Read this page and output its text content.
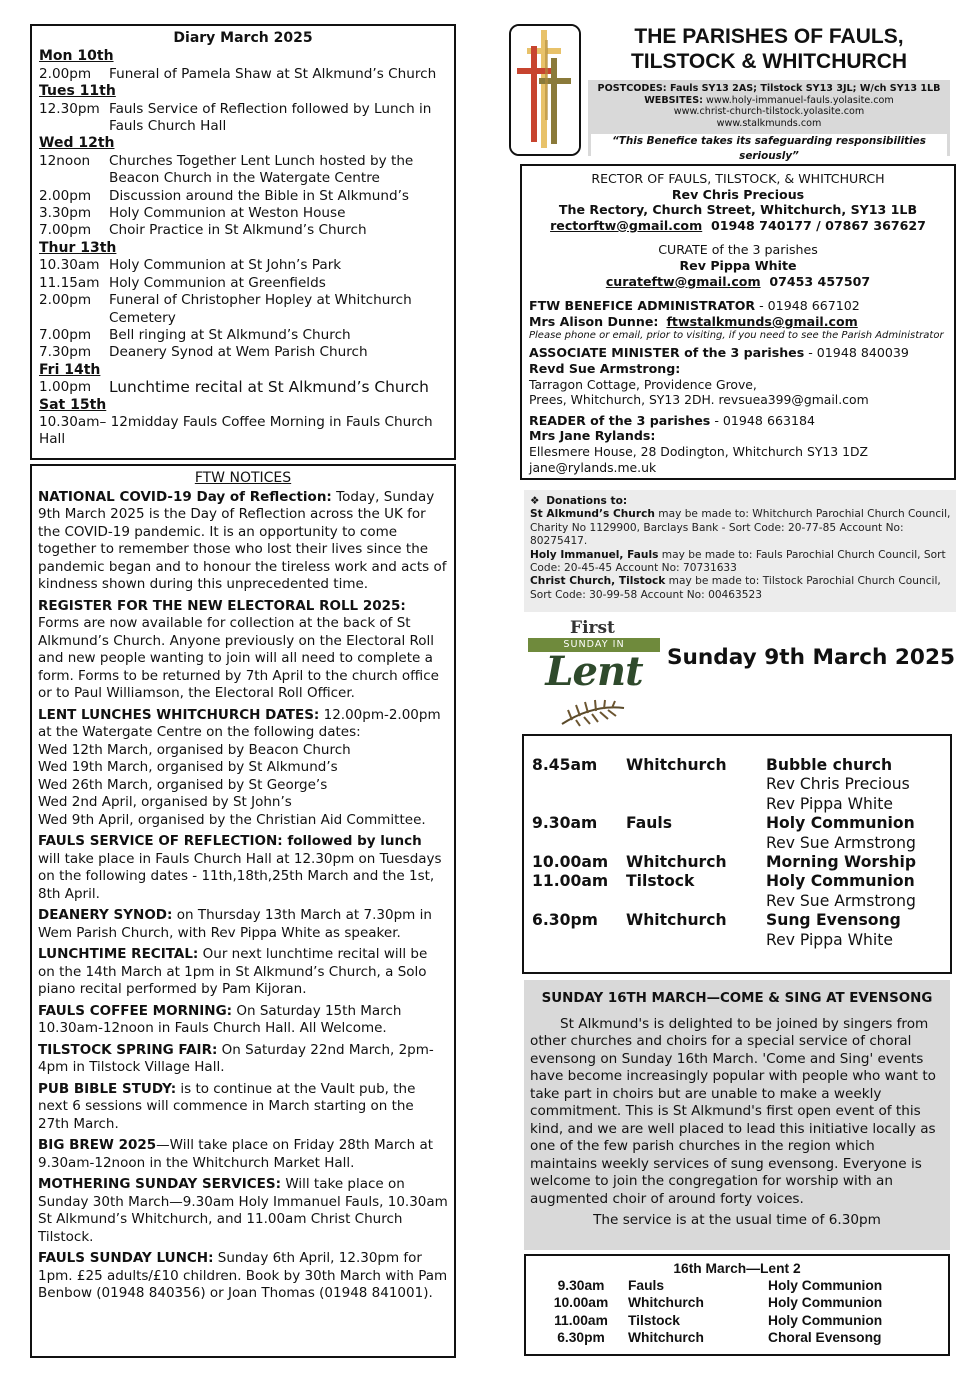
Diary March 2025
Mon 10th
2.00pm	Funeral of Pamela Shaw at St Alkmund’s Church
Tues 11th
12.30pm Fauls Service of Reflection followed by Lunch in Fauls Church Hall
Wed 12th
12noon	Churches Together Lent Lunch hosted by the Beacon Church in the Watergate Centre
2.00pm	Discussion around the Bible in St Alkmund’s
3.30pm	Holy Communion at Weston House
7.00pm	Choir Practice in St Alkmund’s Church
Thur 13th
10.30am Holy Communion at St John’s Park
11.15am Holy Communion at Greenfields
2.00pm	Funeral of Christopher Hopley at Whitchurch Cemetery
7.00pm	Bell ringing at St Alkmund’s Church
7.30pm	Deanery Synod at Wem Parish Church
Fri 14th
1.00pm	Lunchtime recital at St Alkmund’s Church
Sat 15th
10.30am– 12midday Fauls Coffee Morning in Fauls Church Hall
FTW NOTICES
NATIONAL COVID-19 Day of Reflection: Today, Sunday 9th March 2025 is the Day of Reflection across the UK for the COVID-19 pandemic. It is an opportunity to come together to remember those who lost their lives since the pandemic began and to honour the tireless work and acts of kindness shown during this unprecedented time.
REGISTER FOR THE NEW ELECTORAL ROLL 2025: Forms are now available for collection at the back of St Alkmund’s Church. Anyone previously on the Electoral Roll and new people wanting to join will all need to complete a form. Forms to be returned by 7th April to the church office or to Paul Williamson, the Electoral Roll Officer.
LENT LUNCHES WHITCHURCH DATES: 12.00pm-2.00pm at the Watergate Centre on the following dates:
Wed 12th March, organised by Beacon Church
Wed 19th March, organised by St Alkmund’s
Wed 26th March, organised by St George’s
Wed 2nd April, organised by St John’s
Wed 9th April, organised by the Christian Aid Committee.
FAULS SERVICE OF REFLECTION: followed by lunch will take place in Fauls Church Hall at 12.30pm on Tuesdays on the following dates - 11th,18th,25th March and the 1st, 8th April.
DEANERY SYNOD: on Thursday 13th March at 7.30pm in Wem Parish Church, with Rev Pippa White as speaker.
LUNCHTIME RECITAL: Our next lunchtime recital will be on the 14th March at 1pm in St Alkmund’s Church, a Solo piano recital performed by Pam Kijoran.
FAULS COFFEE MORNING: On Saturday 15th March 10.30am-12noon in Fauls Church Hall. All Welcome.
TILSTOCK SPRING FAIR: On Saturday 22nd March, 2pm-4pm in Tilstock Village Hall.
PUB BIBLE STUDY: is to continue at the Vault pub, the next 6 sessions will commence in March starting on the 27th March.
BIG BREW 2025—Will take place on Friday 28th March at 9.30am-12noon in the Whitchurch Market Hall.
MOTHERING SUNDAY SERVICES: Will take place on Sunday 30th March—9.30am Holy Immanuel Fauls, 10.30am St Alkmund’s Whitchurch, and 11.00am Christ Church Tilstock.
FAULS SUNDAY LUNCH: Sunday 6th April, 12.30pm for 1pm. £25 adults/£10 children. Book by 30th March with Pam Benbow (01948 840356) or Joan Thomas (01948 841001).
THE PARISHES OF FAULS,
TILSTOCK & WHITCHURCH
POSTCODES: Fauls SY13 2AS; Tilstock SY13 3JL; W/ch SY13 1LB
WEBSITES: www.holy-immanuel-fauls.yolasite.com
www.christ-church-tilstock.yolasite.com
www.stalkmunds.com
“This Benefice takes its safeguarding responsibilities seriously”
RECTOR OF FAULS, TILSTOCK, & WHITCHURCH
Rev Chris Precious
The Rectory, Church Street, Whitchurch, SY13 1LB
rectorftw@gmail.com 01948 740177 / 07867 367627
CURATE of the 3 parishes
Rev Pippa White
curateftw@gmail.com 07453 457507
FTW BENEFICE ADMINISTRATOR - 01948 667102
Mrs Alison Dunne: ftwstalkmunds@gmail.com
Please phone or email, prior to visiting, if you need to see the Parish Administrator
ASSOCIATE MINISTER of the 3 parishes - 01948 840039
Revd Sue Armstrong:
Tarragon Cottage, Providence Grove,
Prees, Whitchurch, SY13 2DH. revsuea399@gmail.com
READER of the 3 parishes - 01948 663184
Mrs Jane Rylands:
Ellesmere House, 28 Dodington, Whitchurch SY13 1DZ
jane@rylands.me.uk
❖ Donations to:
St Alkmund’s Church may be made to: Whitchurch Parochial Church Council, Charity No 1129900, Barclays Bank - Sort Code: 20-77-85 Account No: 80275417.
Holy Immanuel, Fauls may be made to: Fauls Parochial Church Council, Sort Code: 20-45-45 Account No: 70731633
Christ Church, Tilstock may be made to: Tilstock Parochial Church Council, Sort Code: 30-99-58 Account No: 00463523
First
SUNDAY IN
Lent	Sunday 9th March 2025
8.45am	Whitchurch	Bubble church
Rev Chris Precious
Rev Pippa White
9.30am	Fauls	Holy Communion
Rev Sue Armstrong
10.00am	Whitchurch	Morning Worship
11.00am	Tilstock	Holy Communion
Rev Sue Armstrong
6.30pm	Whitchurch	Sung Evensong
Rev Pippa White
SUNDAY 16TH MARCH—COME & SING AT EVENSONG
St Alkmund's is delighted to be joined by singers from other churches and choirs for a special service of choral evensong on Sunday 16th March. 'Come and Sing' events have become increasingly popular with people who want to take part in choirs but are unable to make a weekly commitment. This is St Alkmund's first open event of this kind, and we are well placed to lead this initiative locally as one of the few parish churches in the region which maintains weekly services of sung evensong. Everyone is welcome to join the congregation for worship with an augmented choir of around forty voices.
The service is at the usual time of 6.30pm
16th March—Lent 2
9.30am	Fauls	Holy Communion
10.00am	Whitchurch	Holy Communion
11.00am	Tilstock	Holy Communion
6.30pm	Whitchurch	Choral Evensong
